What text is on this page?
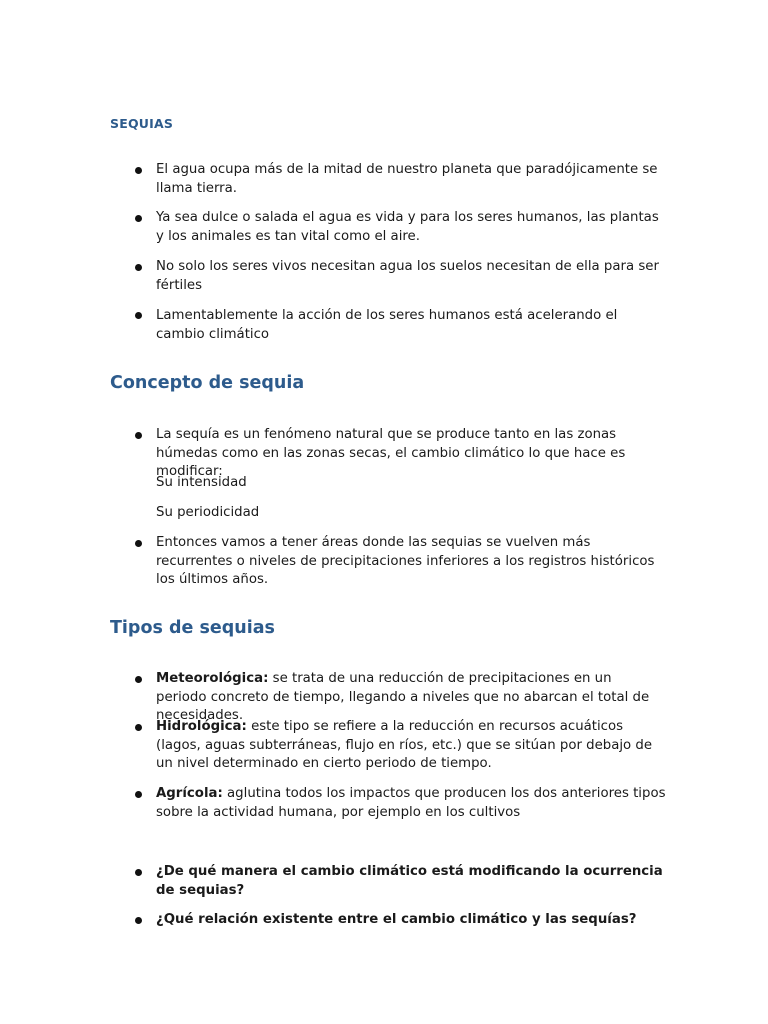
SEQUIAS
El agua ocupa más de la mitad de nuestro planeta que paradójicamente se llama tierra.
Ya sea dulce o salada el agua es vida y para los seres humanos, las plantas y los animales es tan vital como el aire.
No solo los seres vivos necesitan agua los suelos necesitan de ella para ser fértiles
Lamentablemente la acción de los seres humanos está acelerando el cambio climático
Concepto de sequia
La sequía es un fenómeno natural que se produce tanto en las zonas húmedas como en las zonas secas, el cambio climático lo que hace es modificar:
Su intensidad
Su periodicidad
Entonces vamos a tener áreas donde las sequias se vuelven más recurrentes o niveles de precipitaciones inferiores a los registros históricos los últimos años.
Tipos de sequias
Meteorológica: se trata de una reducción de precipitaciones en un periodo concreto de tiempo, llegando a niveles que no abarcan el total de necesidades.
Hidrológica: este tipo se refiere a la reducción en recursos acuáticos (lagos, aguas subterráneas, flujo en ríos, etc.) que se sitúan por debajo de un nivel determinado en cierto periodo de tiempo.
Agrícola: aglutina todos los impactos que producen los dos anteriores tipos sobre la actividad humana, por ejemplo en los cultivos
¿De qué manera el cambio climático está modificando la ocurrencia de sequias?
¿Qué relación existente entre el cambio climático y las sequías?
